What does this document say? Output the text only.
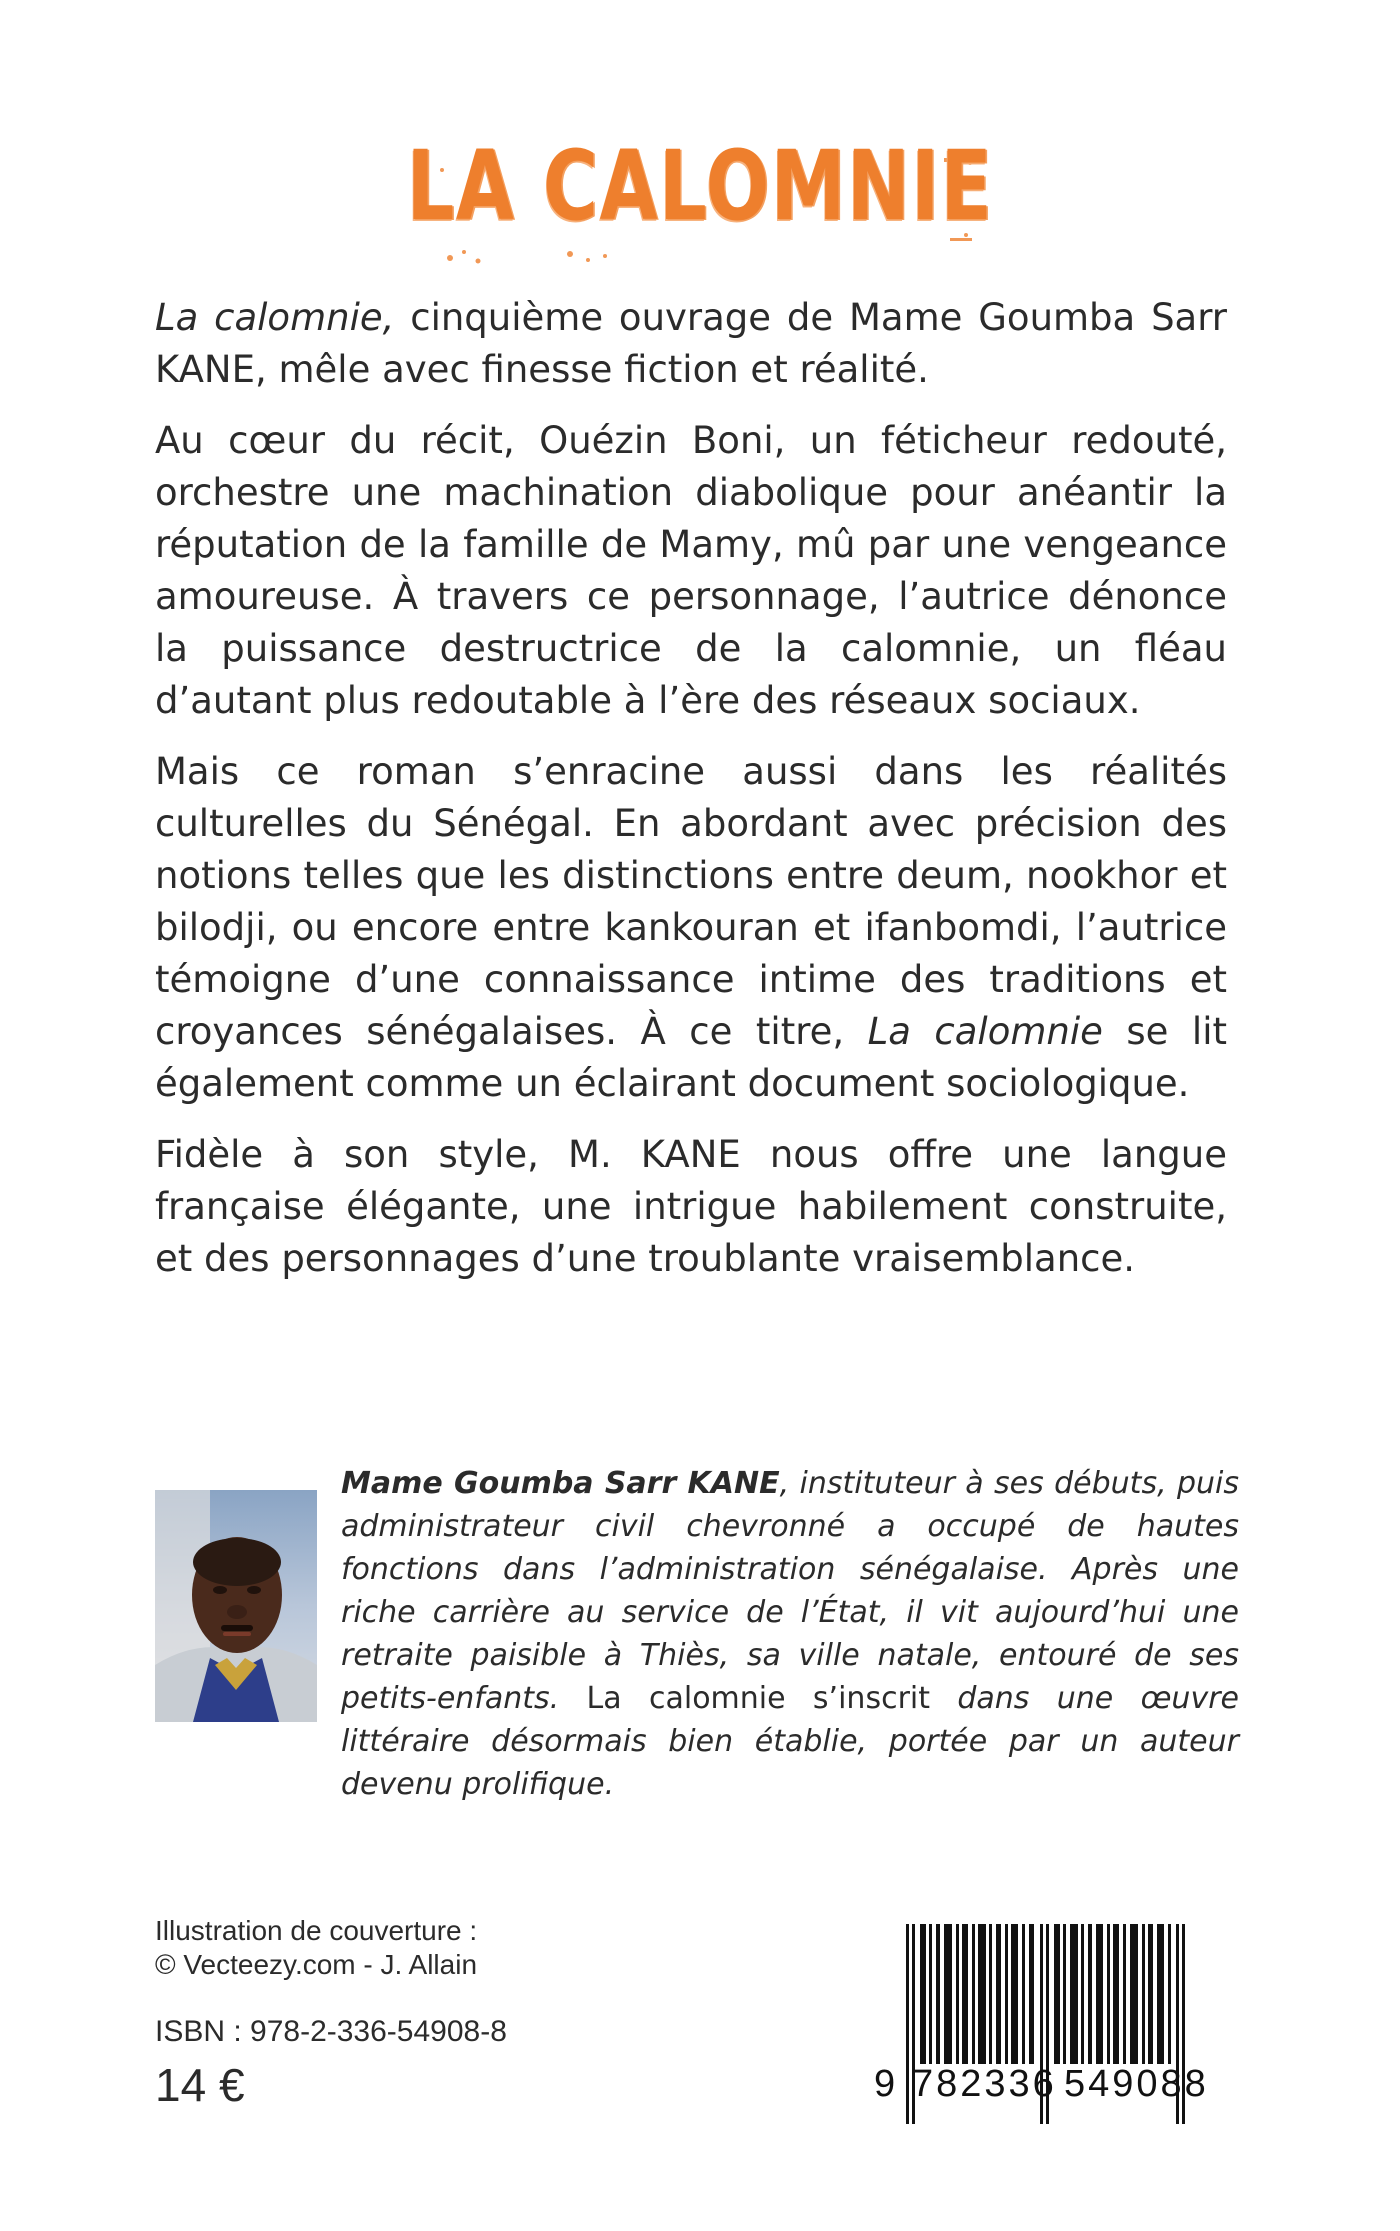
LA CALOMNIE

La calomnie, cinquième ouvrage de Mame Goumba Sarr KANE, mêle avec finesse fiction et réalité.

Au cœur du récit, Ouézin Boni, un féticheur redouté, orchestre une machination diabolique pour anéantir la réputation de la famille de Mamy, mû par une vengeance amoureuse. À travers ce personnage, l’autrice dénonce la puissance destructrice de la calomnie, un fléau d’autant plus redoutable à l’ère des réseaux sociaux.

Mais ce roman s’enracine aussi dans les réalités culturelles du Sénégal. En abordant avec précision des notions telles que les distinctions entre deum, nookhor et bilodji, ou encore entre kankouran et ifanbomdi, l’autrice témoigne d’une connaissance intime des traditions et croyances sénégalaises. À ce titre, La calomnie se lit également comme un éclairant document sociologique.

Fidèle à son style, M. KANE nous offre une langue française élégante, une intrigue habilement construite, et des personnages d’une troublante vraisemblance.

Mame Goumba Sarr KANE, instituteur à ses débuts, puis administrateur civil chevronné a occupé de hautes fonctions dans l’administration sénégalaise. Après une riche carrière au service de l’État, il vit aujourd’hui une retraite paisible à Thiès, sa ville natale, entouré de ses petits-enfants. La calomnie s’inscrit dans une œuvre littéraire désormais bien établie, portée par un auteur devenu prolifique.
Illustration de couverture :
© Vecteezy.com - J. Allain
ISBN : 978-2-336-54908-8
14 €	9 782336 549088
